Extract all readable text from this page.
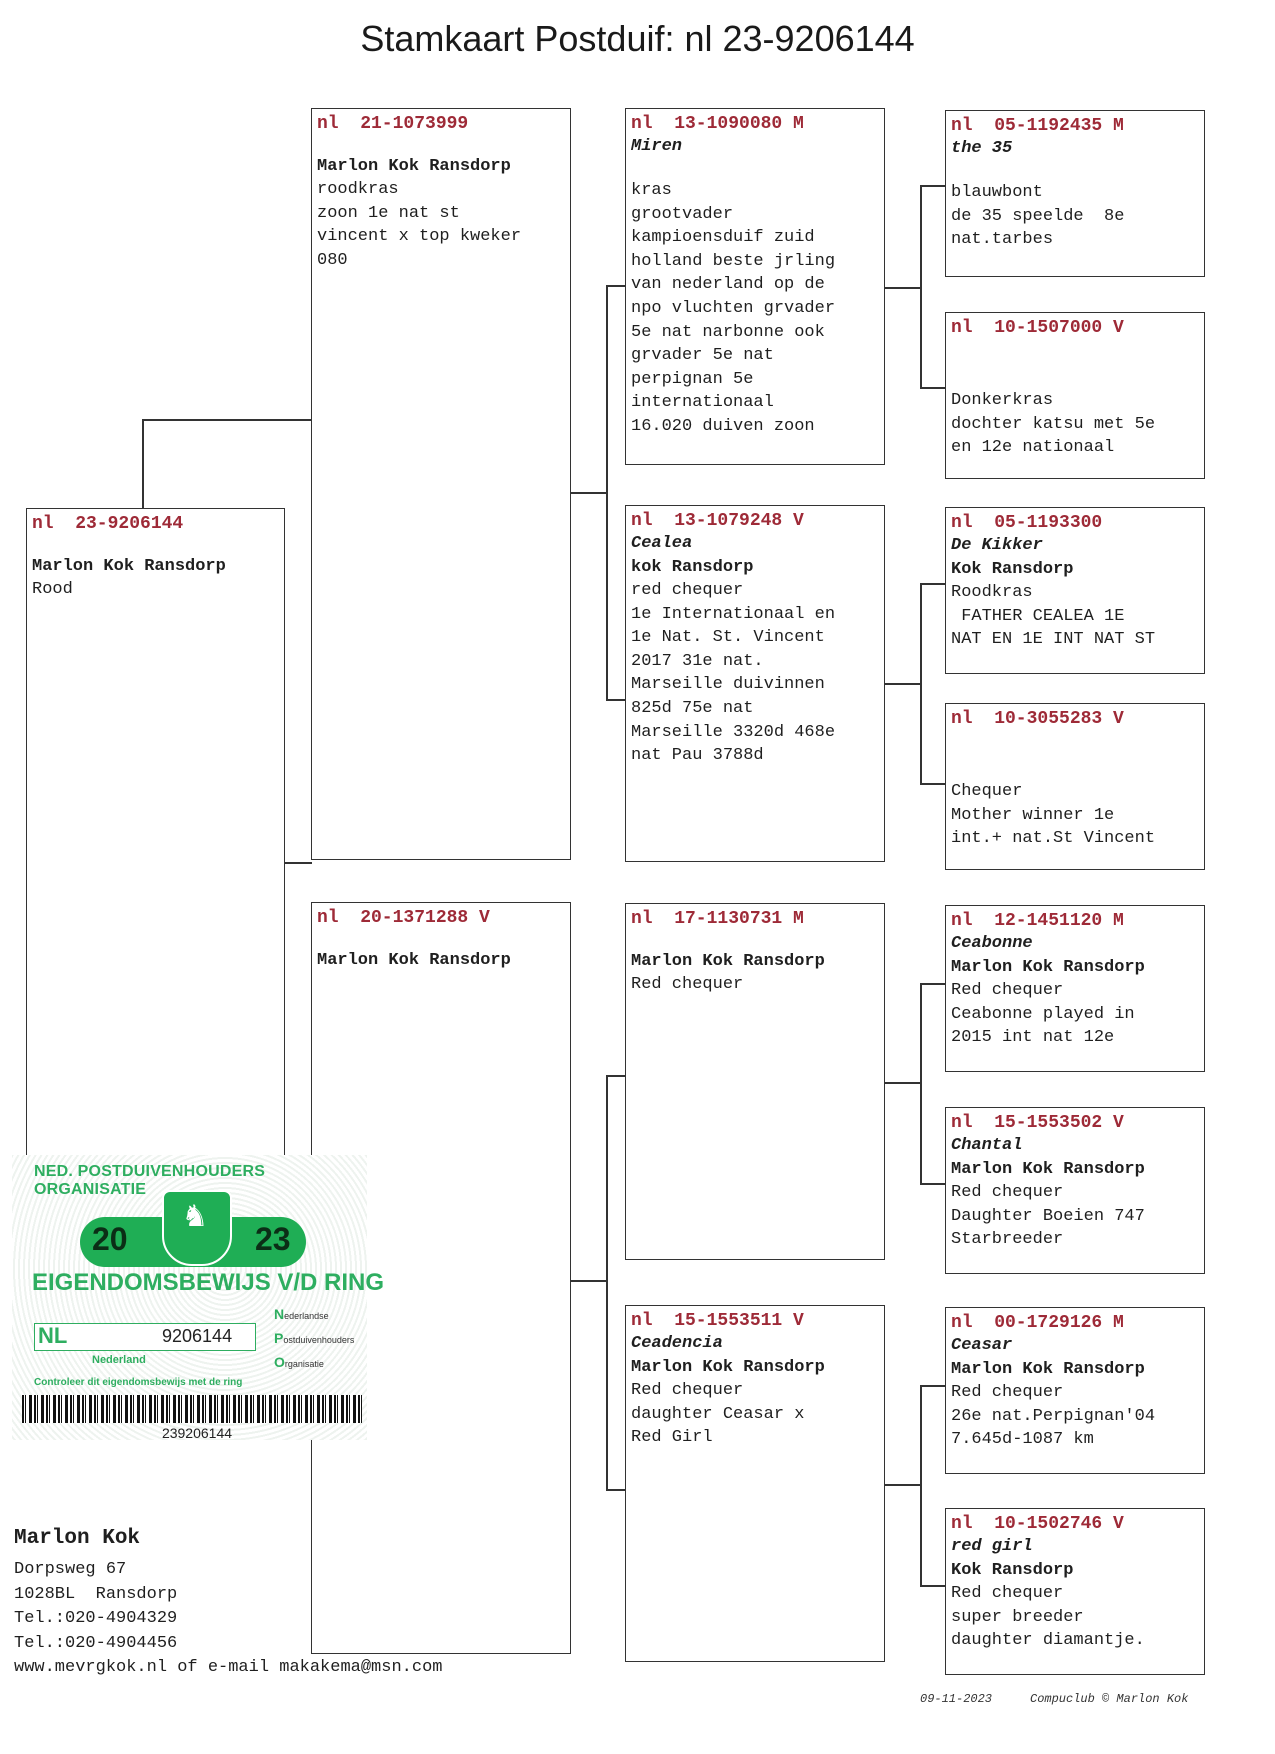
Stamkaart Postduif: nl 23-9206144
nl  23-9206144
Marlon Kok Ransdorp
Rood
nl  21-1073999
Marlon Kok Ransdorp
roodkras
zoon 1e nat st
vincent x top kweker
080
nl  20-1371288 V
Marlon Kok Ransdorp
nl  13-1090080 M
Miren
kras
grootvader
kampioensduif zuid
holland beste jrling
van nederland op de
npo vluchten grvader
5e nat narbonne ook
grvader 5e nat
perpignan 5e
internationaal
16.020 duiven zoon
nl  13-1079248 V
Cealea
kok Ransdorp
red chequer
1e Internationaal en
1e Nat. St. Vincent
2017 31e nat.
Marseille duivinnen
825d 75e nat
Marseille 3320d 468e
nat Pau 3788d
nl  17-1130731 M
Marlon Kok Ransdorp
Red chequer
nl  15-1553511 V
Ceadencia
Marlon Kok Ransdorp
Red chequer
daughter Ceasar x
Red Girl
nl  05-1192435 M
the 35
blauwbont
de 35 speelde  8e
nat.tarbes
nl  10-1507000 V
Donkerkras
dochter katsu met 5e
en 12e nationaal
nl  05-1193300
De Kikker
Kok Ransdorp
Roodkras
FATHER CEALEA 1E
NAT EN 1E INT NAT ST
nl  10-3055283 V
Chequer
Mother winner 1e
int.+ nat.St Vincent
nl  12-1451120 M
Ceabonne
Marlon Kok Ransdorp
Red chequer
Ceabonne played in
2015 int nat 12e
nl  15-1553502 V
Chantal
Marlon Kok Ransdorp
Red chequer
Daughter Boeien 747
Starbreeder
nl  00-1729126 M
Ceasar
Marlon Kok Ransdorp
Red chequer
26e nat.Perpignan'04
7.645d-1087 km
nl  10-1502746 V
red girl
Kok Ransdorp
Red chequer
super breeder
daughter diamantje.
NED. POSTDUIVENHOUDERS ORGANISATIE
20	23
♞
EIGENDOMSBEWIJS V/D RING
NL	9206144
Nederland
Nederlandse
Postduivenhouders
Organisatie
Controleer dit eigendomsbewijs met de ring
239206144
Marlon Kok
Dorpsweg 67
1028BL  Ransdorp
Tel.:020-4904329
Tel.:020-4904456
www.mevrgkok.nl of e-mail makakema@msn.com
09-11-2023	Compuclub © Marlon Kok
